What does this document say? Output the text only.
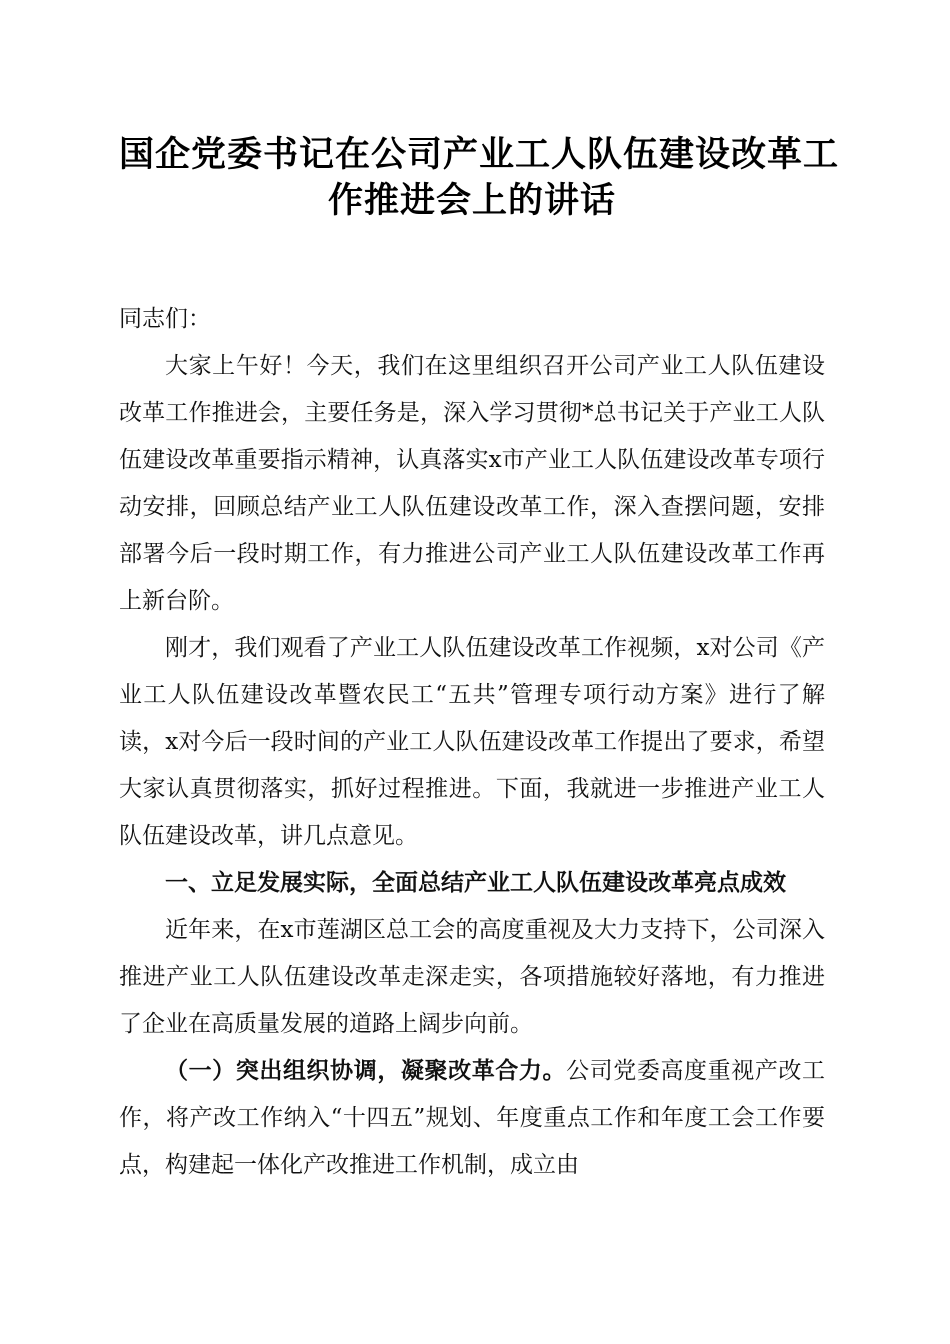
国企党委书记在公司产业工人队伍建设改革工
作推进会上的讲话

同志们：

大家上午好！今天，我们在这里组织召开公司产业工人队伍建设改革工作推进会，主要任务是，深入学习贯彻*总书记关于产业工人队伍建设改革重要指示精神，认真落实x市产业工人队伍建设改革专项行动安排，回顾总结产业工人队伍建设改革工作，深入查摆问题，安排部署今后一段时期工作，有力推进公司产业工人队伍建设改革工作再上新台阶。

刚才，我们观看了产业工人队伍建设改革工作视频，x对公司《产业工人队伍建设改革暨农民工“五共”管理专项行动方案》进行了解读，x对今后一段时间的产业工人队伍建设改革工作提出了要求，希望大家认真贯彻落实，抓好过程推进。下面，我就进一步推进产业工人队伍建设改革，讲几点意见。

一、立足发展实际，全面总结产业工人队伍建设改革亮点成效

近年来，在x市莲湖区总工会的高度重视及大力支持下，公司深入推进产业工人队伍建设改革走深走实，各项措施较好落地，有力推进了企业在高质量发展的道路上阔步向前。

（一）突出组织协调，凝聚改革合力。公司党委高度重视产改工作，将产改工作纳入“十四五”规划、年度重点工作和年度工会工作要点，构建起一体化产改推进工作机制，成立由
